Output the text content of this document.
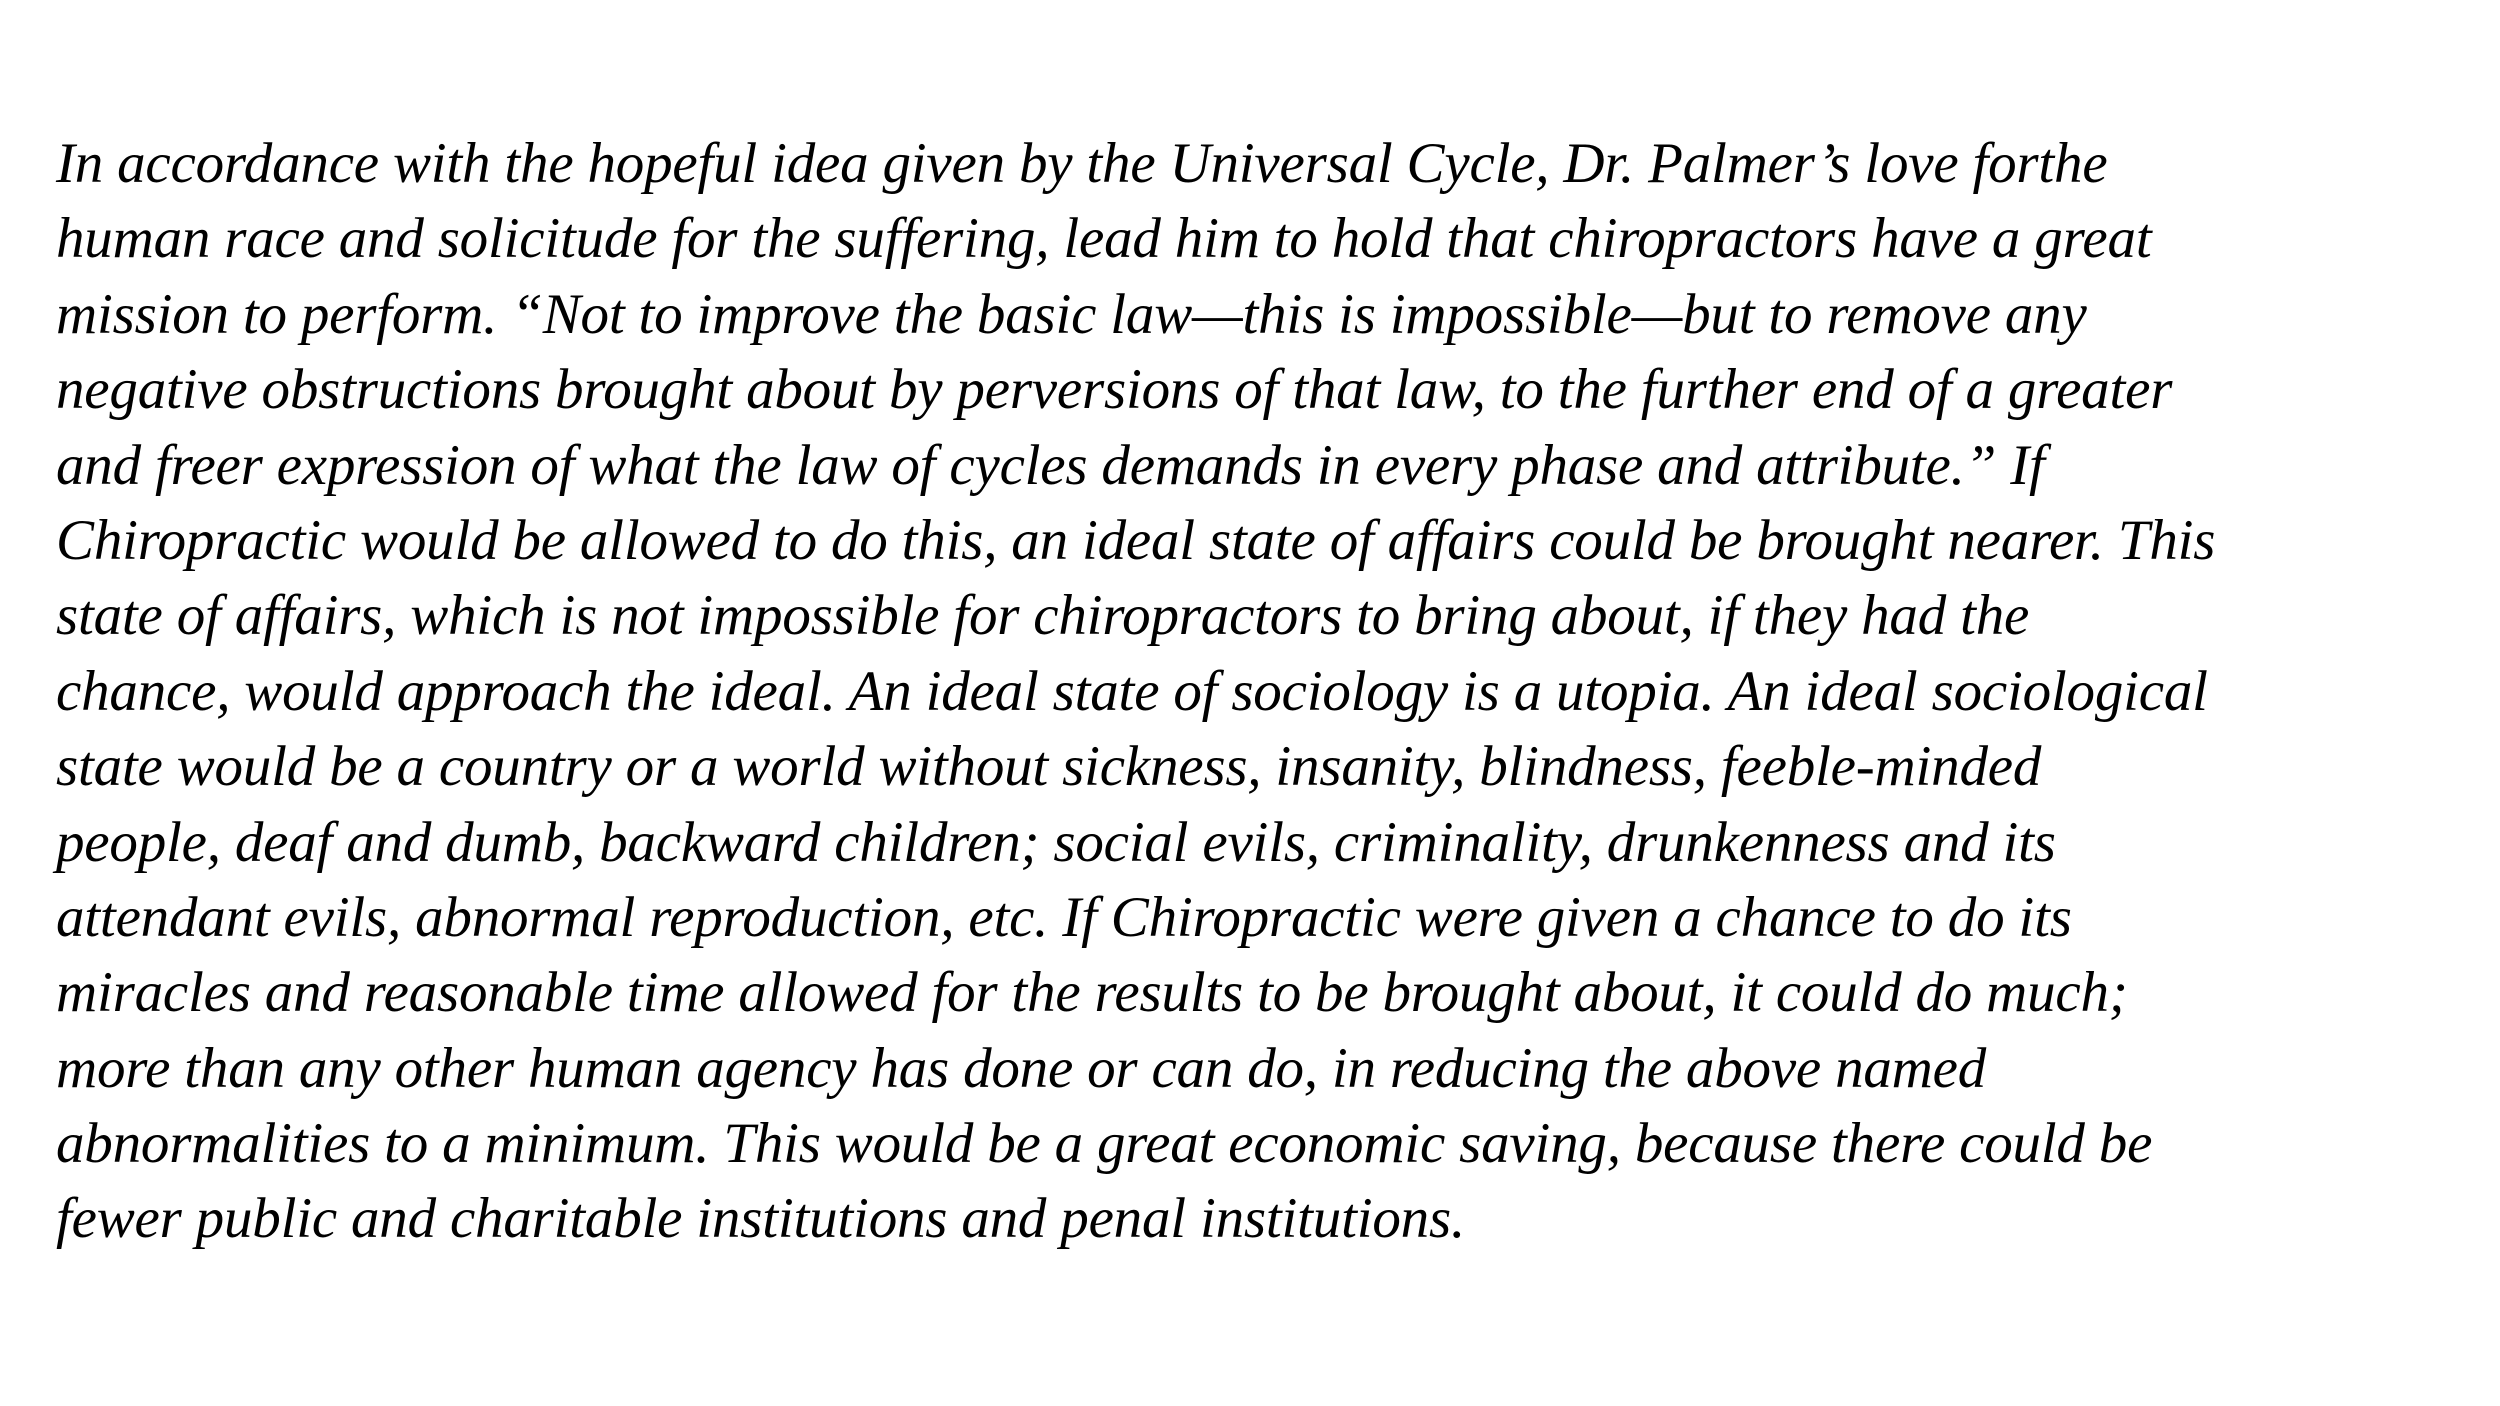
In accordance with the hopeful idea given by the Universal Cycle, Dr. Palmer’s love forthe
human race and solicitude for the suffering, lead him to hold that chiropractors have a great
mission to perform. “Not to improve the basic law—this is impossible—but to remove any
negative obstructions brought about by perversions of that law, to the further end of a greater
and freer expression of what the law of cycles demands in every phase and attribute.” If
Chiropractic would be allowed to do this, an ideal state of affairs could be brought nearer. This
state of affairs, which is not impossible for chiropractors to bring about, if they had the
chance, would approach the ideal. An ideal state of sociology is a utopia. An ideal sociological
state would be a country or a world without sickness, insanity, blindness, feeble-minded
people, deaf and dumb, backward children; social evils, criminality, drunkenness and its
attendant evils, abnormal reproduction, etc. If Chiropractic were given a chance to do its
miracles and reasonable time allowed for the results to be brought about, it could do much;
more than any other human agency has done or can do, in reducing the above named
abnormalities to a minimum. This would be a great economic saving, because there could be
fewer public and charitable institutions and penal institutions.
